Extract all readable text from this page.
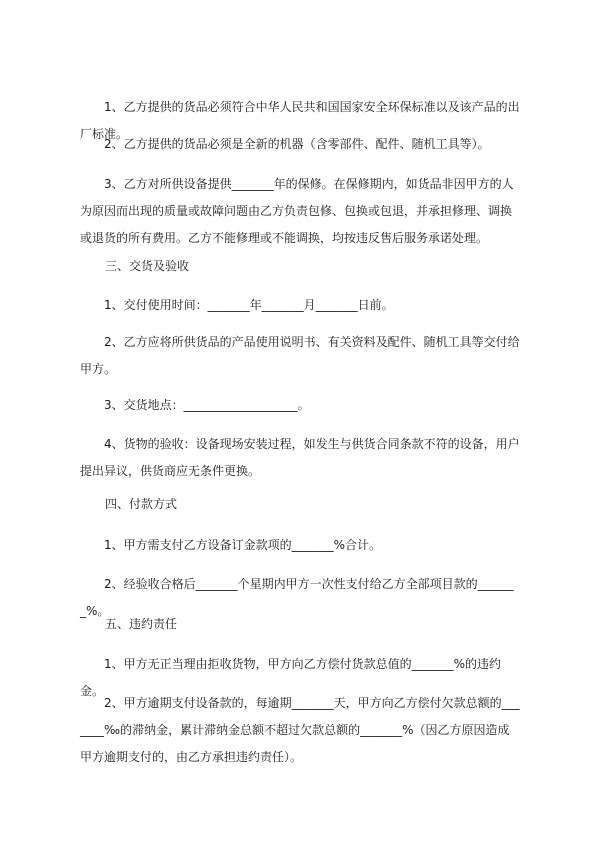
1、乙方提供的货品必须符合中华人民共和国国家安全环保标准以及该产品的出厂标准。

2、乙方提供的货品必须是全新的机器（含零部件、配件、随机工具等）。

3、乙方对所供设备提供_______年的保修。在保修期内，如货品非因甲方的人为原因而出现的质量或故障问题由乙方负责包修、包换或包退，并承担修理、调换或退货的所有费用。乙方不能修理或不能调换，均按违反售后服务承诺处理。

三、交货及验收

1、交付使用时间：_______年_______月_______日前。

2、乙方应将所供货品的产品使用说明书、有关资料及配件、随机工具等交付给甲方。

3、交货地点：___________________。

4、货物的验收：设备现场安装过程，如发生与供货合同条款不符的设备，用户提出异议，供货商应无条件更换。

四、付款方式

1、甲方需支付乙方设备订金款项的_______%合计。

2、经验收合格后_______个星期内甲方一次性支付给乙方全部项目款的_______%。

五、违约责任

1、甲方无正当理由拒收货物，甲方向乙方偿付货款总值的_______%的违约金。

2、甲方逾期支付设备款的，每逾期_______天，甲方向乙方偿付欠款总额的_______‰的滞纳金，累计滞纳金总额不超过欠款总额的_______%（因乙方原因造成甲方逾期支付的，由乙方承担违约责任）。
